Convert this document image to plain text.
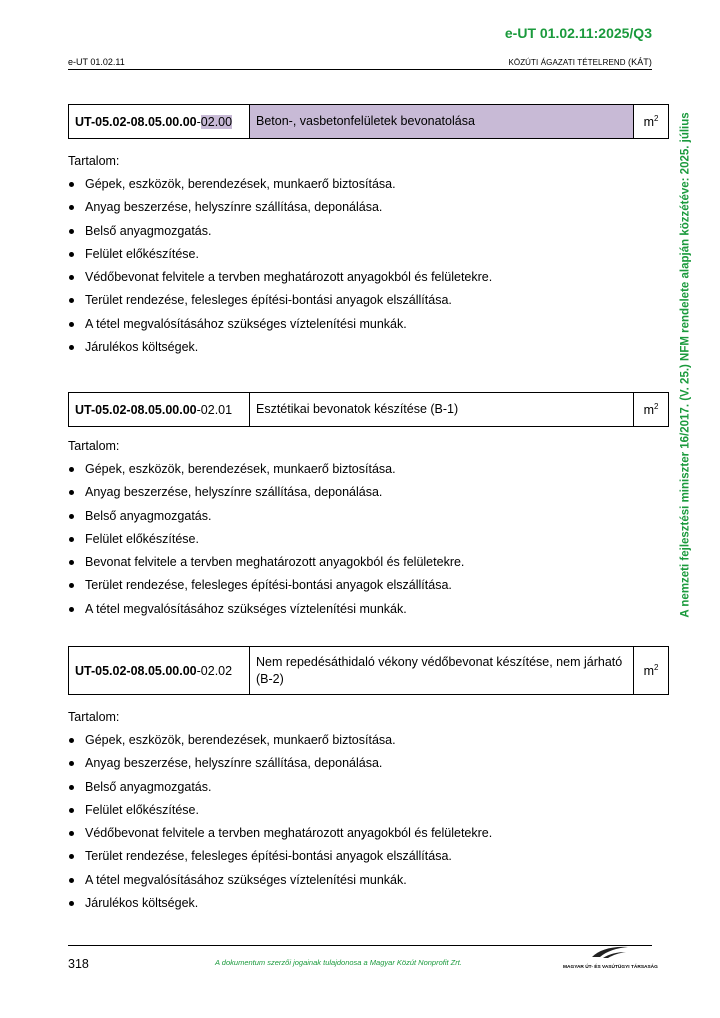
e-UT 01.02.11:2025/Q3
e-UT 01.02.11	KÖZÚTI ÁGAZATI TÉTELREND (KÁT)
A nemzeti fejlesztési miniszter 16/2017. (V. 25.) NFM rendelete alapján közzétéve: 2025. július
UT-05.02-08.05.00.00-02.00	Beton-, vasbetonfelületek bevonatolása	$m^2$
Tartalom:
Gépek, eszközök, berendezések, munkaerő biztosítása.
Anyag beszerzése, helyszínre szállítása, deponálása.
Belső anyagmozgatás.
Felület előkészítése.
Védőbevonat felvitele a tervben meghatározott anyagokból és felületekre.
Terület rendezése, felesleges építési-bontási anyagok elszállítása.
A tétel megvalósításához szükséges víztelenítési munkák.
Járulékos költségek.
UT-05.02-08.05.00.00-02.01	Esztétikai bevonatok készítése (B-1)	$m^2$
Tartalom:
Gépek, eszközök, berendezések, munkaerő biztosítása.
Anyag beszerzése, helyszínre szállítása, deponálása.
Belső anyagmozgatás.
Felület előkészítése.
Bevonat felvitele a tervben meghatározott anyagokból és felületekre.
Terület rendezése, felesleges építési-bontási anyagok elszállítása.
A tétel megvalósításához szükséges víztelenítési munkák.
UT-05.02-08.05.00.00-02.02	Nem repedésáthidaló vékony védőbevonat készítése, nem járható (B-2)	$m^2$
Tartalom:
Gépek, eszközök, berendezések, munkaerő biztosítása.
Anyag beszerzése, helyszínre szállítása, deponálása.
Belső anyagmozgatás.
Felület előkészítése.
Védőbevonat felvitele a tervben meghatározott anyagokból és felületekre.
Terület rendezése, felesleges építési-bontási anyagok elszállítása.
A tétel megvalósításához szükséges víztelenítési munkák.
Járulékos költségek.
318	A dokumentum szerzői jogainak tulajdonosa a Magyar Közút Nonprofit Zrt.
MAGYAR ÚT- ÉS VASÚTÜGYI TÁRSASÁG
